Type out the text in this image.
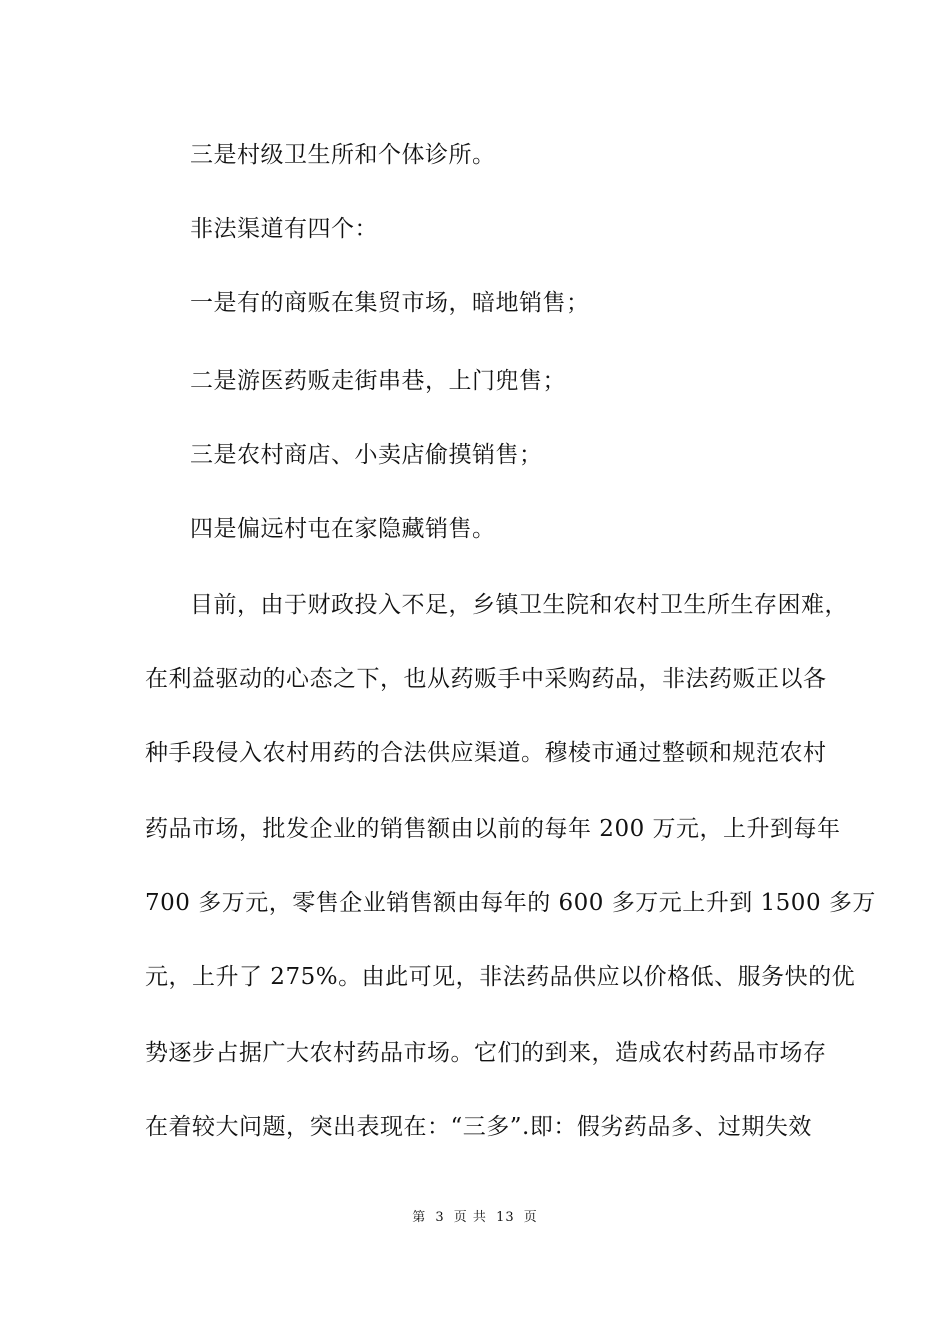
三是村级卫生所和个体诊所。
非法渠道有四个：
一是有的商贩在集贸市场，暗地销售；
二是游医药贩走街串巷，上门兜售；
三是农村商店、小卖店偷摸销售；
四是偏远村屯在家隐藏销售。
目前，由于财政投入不足，乡镇卫生院和农村卫生所生存困难，
在利益驱动的心态之下，也从药贩手中采购药品，非法药贩正以各
种手段侵入农村用药的合法供应渠道。穆棱市通过整顿和规范农村
药品市场，批发企业的销售额由以前的每年 200 万元，上升到每年
700 多万元，零售企业销售额由每年的 600 多万元上升到 1500 多万
元，上升了 275%。由此可见，非法药品供应以价格低、服务快的优
势逐步占据广大农村药品市场。它们的到来，造成农村药品市场存
在着较大问题，突出表现在：“三多”.即：假劣药品多、过期失效
第 3 页 共 13 页
